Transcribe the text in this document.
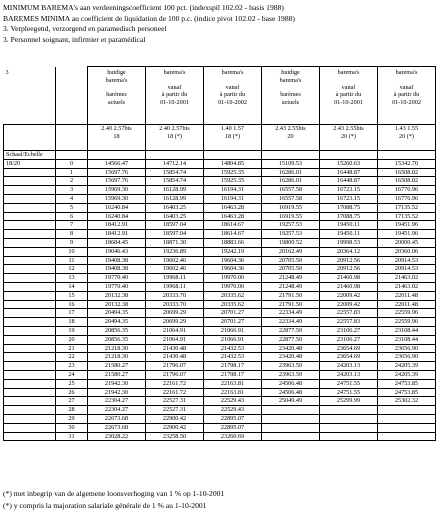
MINIMUM BAREMA's aan verdeeningscoefficient 100 pct. (indexspil 102.02 - basis 1988)
BAREMES MINIMA au coefficient de liquidation de 100 p.c. (indice pivot 102.02 - base 1988)
3. Verpleegend, verzorgend en paramedisch personeel
3. Personnel soignant, infirmier et paramédical
3		huidige
barema's
barèmes
actuels	barema's
vanaf
à partir du
01-10-2001	barema's
vanaf
à partir du
01-10-2002	huidige
barema's
barèmes
actuels	barema's
vanaf
à partir du
01-10-2001	barema's
vanaf
à partir du
01-10-2002

		2.40 2.57bis
18	2.40 2.57bis
18 (*)	1.40 1.57
18 (*)	2.43 2.55bis
20	2.43 2.55bis
20 (*)	1.43 1.55
20 (*)

Schaal/Echelle							
18/20	0	14566.47	14712.14	14804.85	15109.53	15260.63	15342.70
	1	15697.76	15854.74	15925.35	16286.01	16448.87	16508.02
	2	15697.76	15854.74	15925.35	16286.01	16448.87	16508.02
	3	15969.30	16128.99	16194.31	16557.58	16723.15	16776.96
	4	15969.30	16128.99	16194.31	16557.58	16723.15	16776.96
	5	16240.84	16403.25	16463.28	16919.55	17088.75	17135.52
	6	16240.84	16403.25	16463.28	16919.55	17088.75	17135.52
	7	18412.91	18597.04	18614.67	19257.53	19450.11	19451.96
	8	18412.91	18597.04	18614.67	19257.53	19450.11	19451.96
	9	18684.45	18871.30	18883.66	19800.52	19998.53	20000.45
	10	19046.43	19236.89	19242.19	20162.49	20364.12	20360.06
	11	19408.38	19602.46	19604.36	20705.50	20912.56	20914.53
	12	19408.38	19602.46	19604.36	20705.50	20912.56	20914.53
	13	19770.40	19968.11	19970.00	21248.49	21460.98	21463.02
	14	19770.40	19968.11	19970.00	21248.49	21460.98	21463.02
	15	20132.38	20333.70	20335.62	21791.50	22009.42	22011.48
	16	20132.38	20333.70	20335.62	21791.50	22009.42	22011.48
	17	20494.35	20699.29	20701.27	22334.49	22557.83	22559.96
	18	20494.35	20699.29	20701.27	22334.49	22557.83	22559.96
	19	20856.35	21064.91	21066.91	22877.50	23106.27	23108.44
	20	20856.35	21064.91	21066.91	22877.50	23106.27	23108.44
	21	21218.30	21430.48	21432.53	23420.48	23654.69	23656.90
	22	21218.30	21430.48	21432.53	23420.48	23654.69	23656.90
	23	21580.27	21796.07	21798.17	23963.50	24203.13	24205.39
	24	21580.27	21796.07	21798.17	23963.50	24203.13	24205.39
	25	21942.30	22161.72	22163.81	24506.48	24751.55	24753.85
	26	21942.30	22161.72	22163.81	24506.48	24751.55	24753.85
	27	22304.27	22527.31	22529.43	25049.49	25299.99	25302.32
	28	22304.27	22527.31	22529.43			
	29	22673.68	22900.42	22895.07			
	30	22673.68	22900.42	22895.07			
	31	23028.22	23258.50	23260.69			
(*) met inbegrip van de algemene loonsverhoging van 1 % op 1-10-2001
(*) y compris la majoration salariale générale de 1 % au 1-10-2001
